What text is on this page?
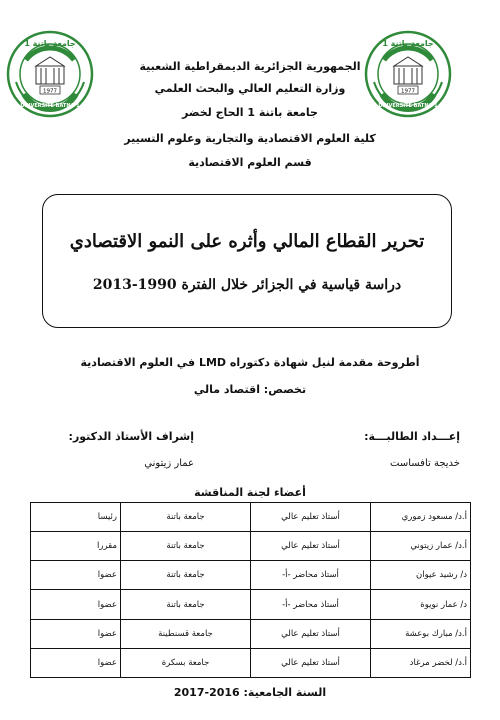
1977
UNIVERSITE BATNA 1
جامعة باتنة 1
1977
UNIVERSITE BATNA 1
جامعة باتنة 1
الجمهورية الجزائرية الديمقراطية الشعبية
وزارة التعليم العالي والبحث العلمي
جامعة باتنة 1 الحاج لخضر
كلية العلوم الاقتصادية والتجارية وعلوم التسيير
قسم العلوم الاقتصادية
تحرير القطاع المالي وأثره على النمو الاقتصادي
دراسة قياسية في الجزائر خلال الفترة 1990-2013
أطروحة مقدمة لنيل شهادة دكتوراه LMD في العلوم الاقتصادية
تخصص: اقتصاد مالي
إعـــداد الطالبـــة:
إشراف الأستاذ الدكتور:
خديجة تافساست
عمار زيتوني
أعضاء لجنة المناقشة
أ.د/ مسعود زموري	أستاذ تعليم عالي	جامعة باتنة	رئيسا
أ.د/ عمار زيتوني	أستاذ تعليم عالي	جامعة باتنة	مقررا
د/ رشيد عيوان	أستاذ محاضر -أ-	جامعة باتنة	عضوا
د/ عمار نويوة	أستاذ محاضر -أ-	جامعة باتنة	عضوا
أ.د/ مبارك بوعشة	أستاذ تعليم عالي	جامعة قسنطينة	عضوا
أ.د/ لخضر مرغاد	أستاذ تعليم عالي	جامعة بسكرة	عضوا
السنة الجامعية: 2016-2017
